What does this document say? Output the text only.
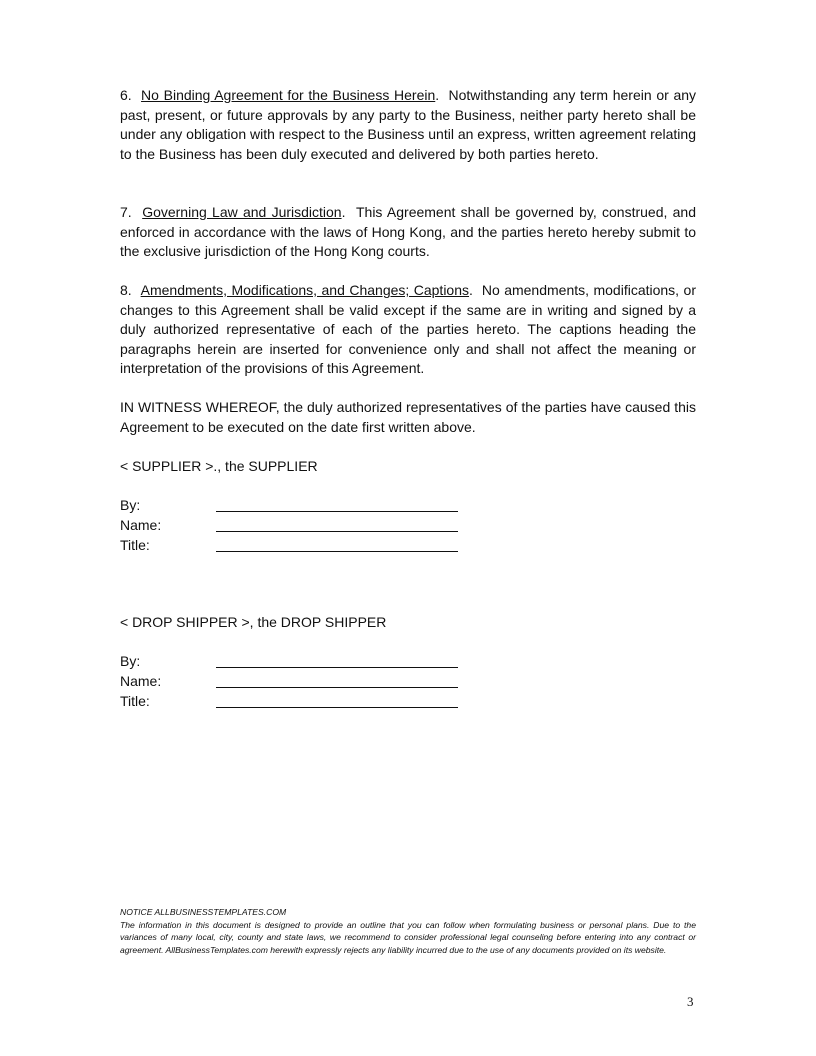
6. No Binding Agreement for the Business Herein.  Notwithstanding any term herein or any past, present, or future approvals by any party to the Business, neither party hereto shall be under any obligation with respect to the Business until an express, written agreement relating to the Business has been duly executed and delivered by both parties hereto.

7. Governing Law and Jurisdiction.  This Agreement shall be governed by, construed, and enforced in accordance with the laws of Hong Kong, and the parties hereto hereby submit to the exclusive jurisdiction of the Hong Kong courts.

8. Amendments, Modifications, and Changes; Captions.  No amendments, modifications, or changes to this Agreement shall be valid except if the same are in writing and signed by a duly authorized representative of each of the parties hereto. The captions heading the paragraphs herein are inserted for convenience only and shall not affect the meaning or interpretation of the provisions of this Agreement.

IN WITNESS WHEREOF, the duly authorized representatives of the parties have caused this Agreement to be executed on the date first written above.

< SUPPLIER >., the SUPPLIER
By:
Name:
Title:
< DROP SHIPPER >, the DROP SHIPPER
By:
Name:
Title:
NOTICE ALLBUSINESSTEMPLATES.COM
The information in this document is designed to provide an outline that you can follow when formulating business or personal plans. Due to the variances of many local, city, county and state laws, we recommend to consider professional legal counseling before entering into any contract or agreement. AllBusinessTemplates.com herewith expressly rejects any liability incurred due to the use of any documents provided on its website.
3
